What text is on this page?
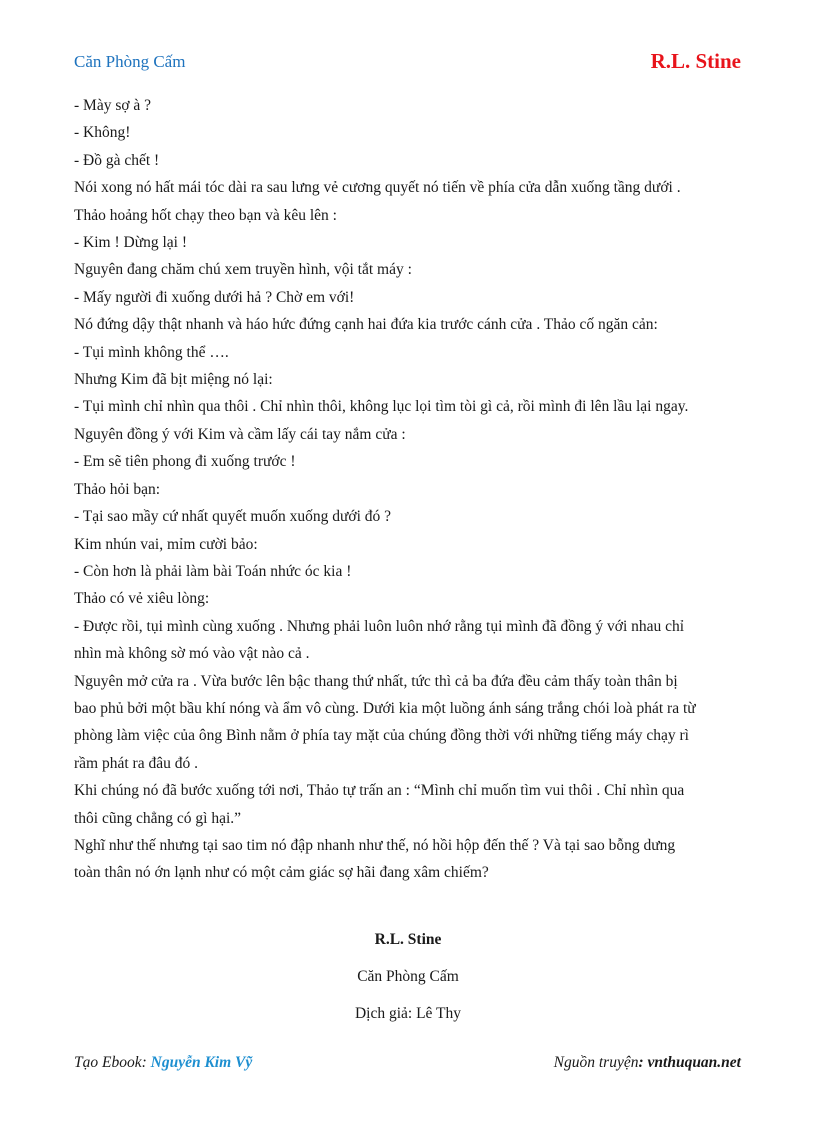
Căn Phòng Cấm	R.L. Stine

- Mày sợ à ?

- Không!

- Đồ gà chết !

Nói xong nó hất mái tóc dài ra sau lưng vẻ cương quyết nó tiến về phía cửa dẫn xuống tầng dưới .

Thảo hoảng hốt chạy theo bạn và kêu lên :

- Kim ! Dừng lại !

Nguyên đang chăm chú xem truyền hình, vội tắt máy :

- Mấy người đi xuống dưới hả ? Chờ em với!

Nó đứng dậy thật nhanh và háo hức đứng cạnh hai đứa kia trước cánh cửa . Thảo cố ngăn cản:

- Tụi mình không thể ….

Nhưng Kim đã bịt miệng nó lại:

- Tụi mình chỉ nhìn qua thôi . Chỉ nhìn thôi, không lục lọi tìm tòi gì cả, rồi mình đi lên lầu lại ngay.

Nguyên đồng ý với Kim và cầm lấy cái tay nắm cửa :

- Em sẽ tiên phong đi xuống trước !

Thảo hỏi bạn:

- Tại sao mầy cứ nhất quyết muốn xuống dưới đó ?

Kim nhún vai, mỉm cười bảo:

- Còn hơn là phải làm bài Toán nhức óc kia !

Thảo có vẻ xiêu lòng:

- Được rồi, tụi mình cùng xuống . Nhưng phải luôn luôn nhớ rằng tụi mình đã đồng ý với nhau chỉ

nhìn mà không sờ mó vào vật nào cả .

Nguyên mở cửa ra . Vừa bước lên bậc thang thứ nhất, tức thì cả ba đứa đều cảm thấy toàn thân bị

bao phủ bởi một bầu khí nóng và ẩm vô cùng. Dưới kia một luồng ánh sáng trắng chói loà phát ra từ

phòng làm việc của ông Bình nằm ở phía tay mặt của chúng đồng thời với những tiếng máy chạy rì

rầm phát ra đâu đó .

Khi chúng nó đã bước xuống tới nơi, Thảo tự trấn an : “Mình chỉ muốn tìm vui thôi . Chỉ nhìn qua

thôi cũng chẳng có gì hại.”

Nghĩ như thế nhưng tại sao tim nó đập nhanh như thế, nó hồi hộp đến thế ? Và tại sao bỗng dưng

toàn thân nó ớn lạnh như có một cảm giác sợ hãi đang xâm chiếm?

R.L. Stine
Căn Phòng Cấm
Dịch giả: Lê Thy
Tạo Ebook: Nguyễn Kim Vỹ	Nguồn truyện: vnthuquan.net
